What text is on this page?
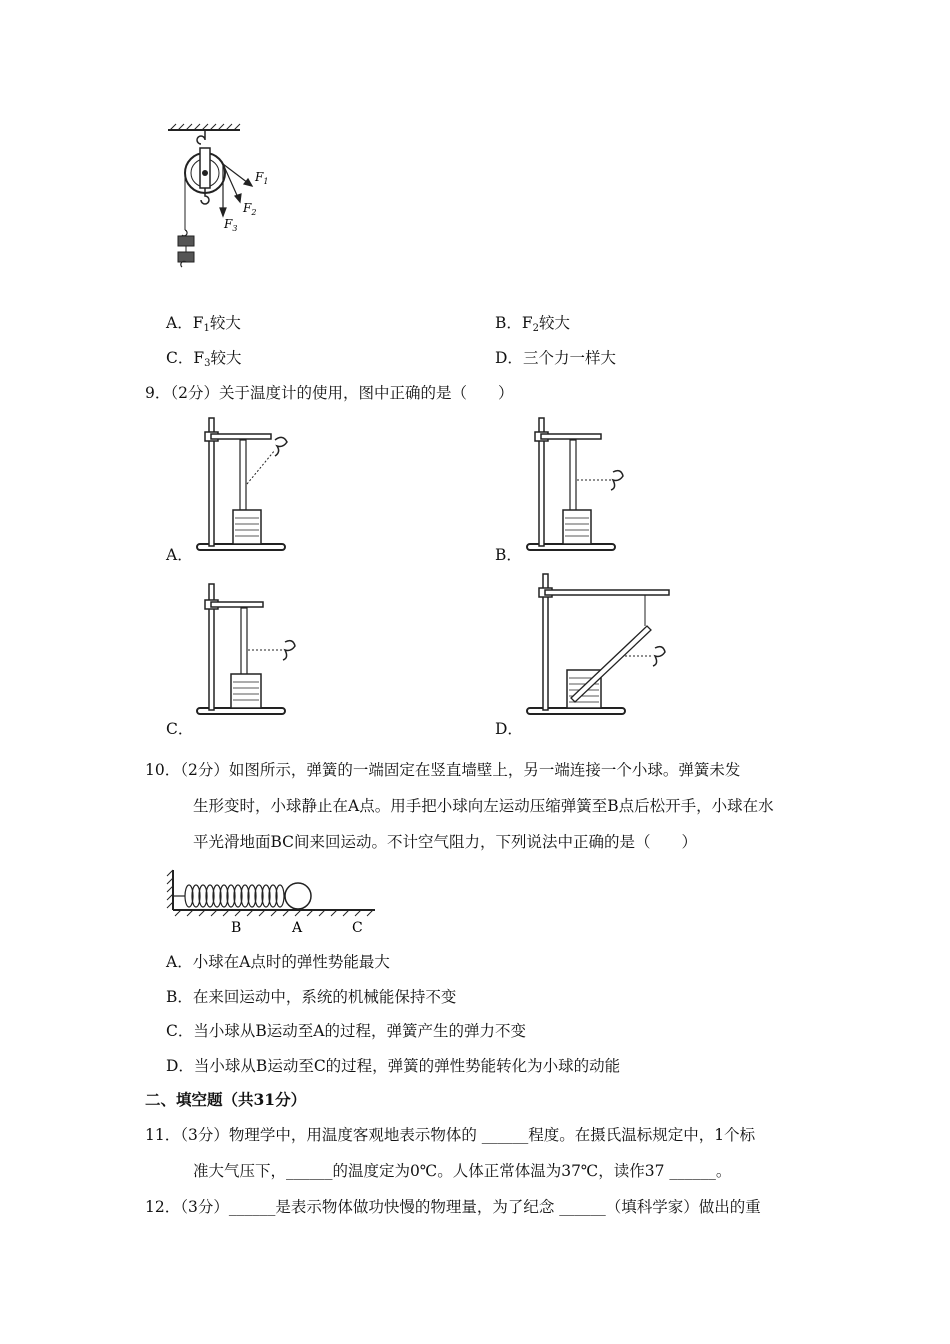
$F_1$
$F_2$
$F_3$
A．$F_1$较大	B．$F_2$较大
C．$F_3$较大	D．三个力一样大
9．（2分）关于温度计的使用，图中正确的是（　　）
A．	B．
C．	D．
10．（2分）如图所示，弹簧的一端固定在竖直墙壁上，另一端连接一个小球。弹簧未发
生形变时，小球静止在A点。用手把小球向左运动压缩弹簧至B点后松开手，小球在水
平光滑地面BC间来回运动。不计空气阻力，下列说法中正确的是（　　）
B	A	C
A．小球在A点时的弹性势能最大
B．在来回运动中，系统的机械能保持不变
C．当小球从B运动至A的过程，弹簧产生的弹力不变
D．当小球从B运动至C的过程，弹簧的弹性势能转化为小球的动能
二、填空题（共31分）
11．（3分）物理学中，用温度客观地表示物体的 ______程度。在摄氏温标规定中，1个标
准大气压下，______的温度定为0℃。人体正常体温为37℃，读作37 ______。
12．（3分）______是表示物体做功快慢的物理量，为了纪念 ______（填科学家）做出的重
